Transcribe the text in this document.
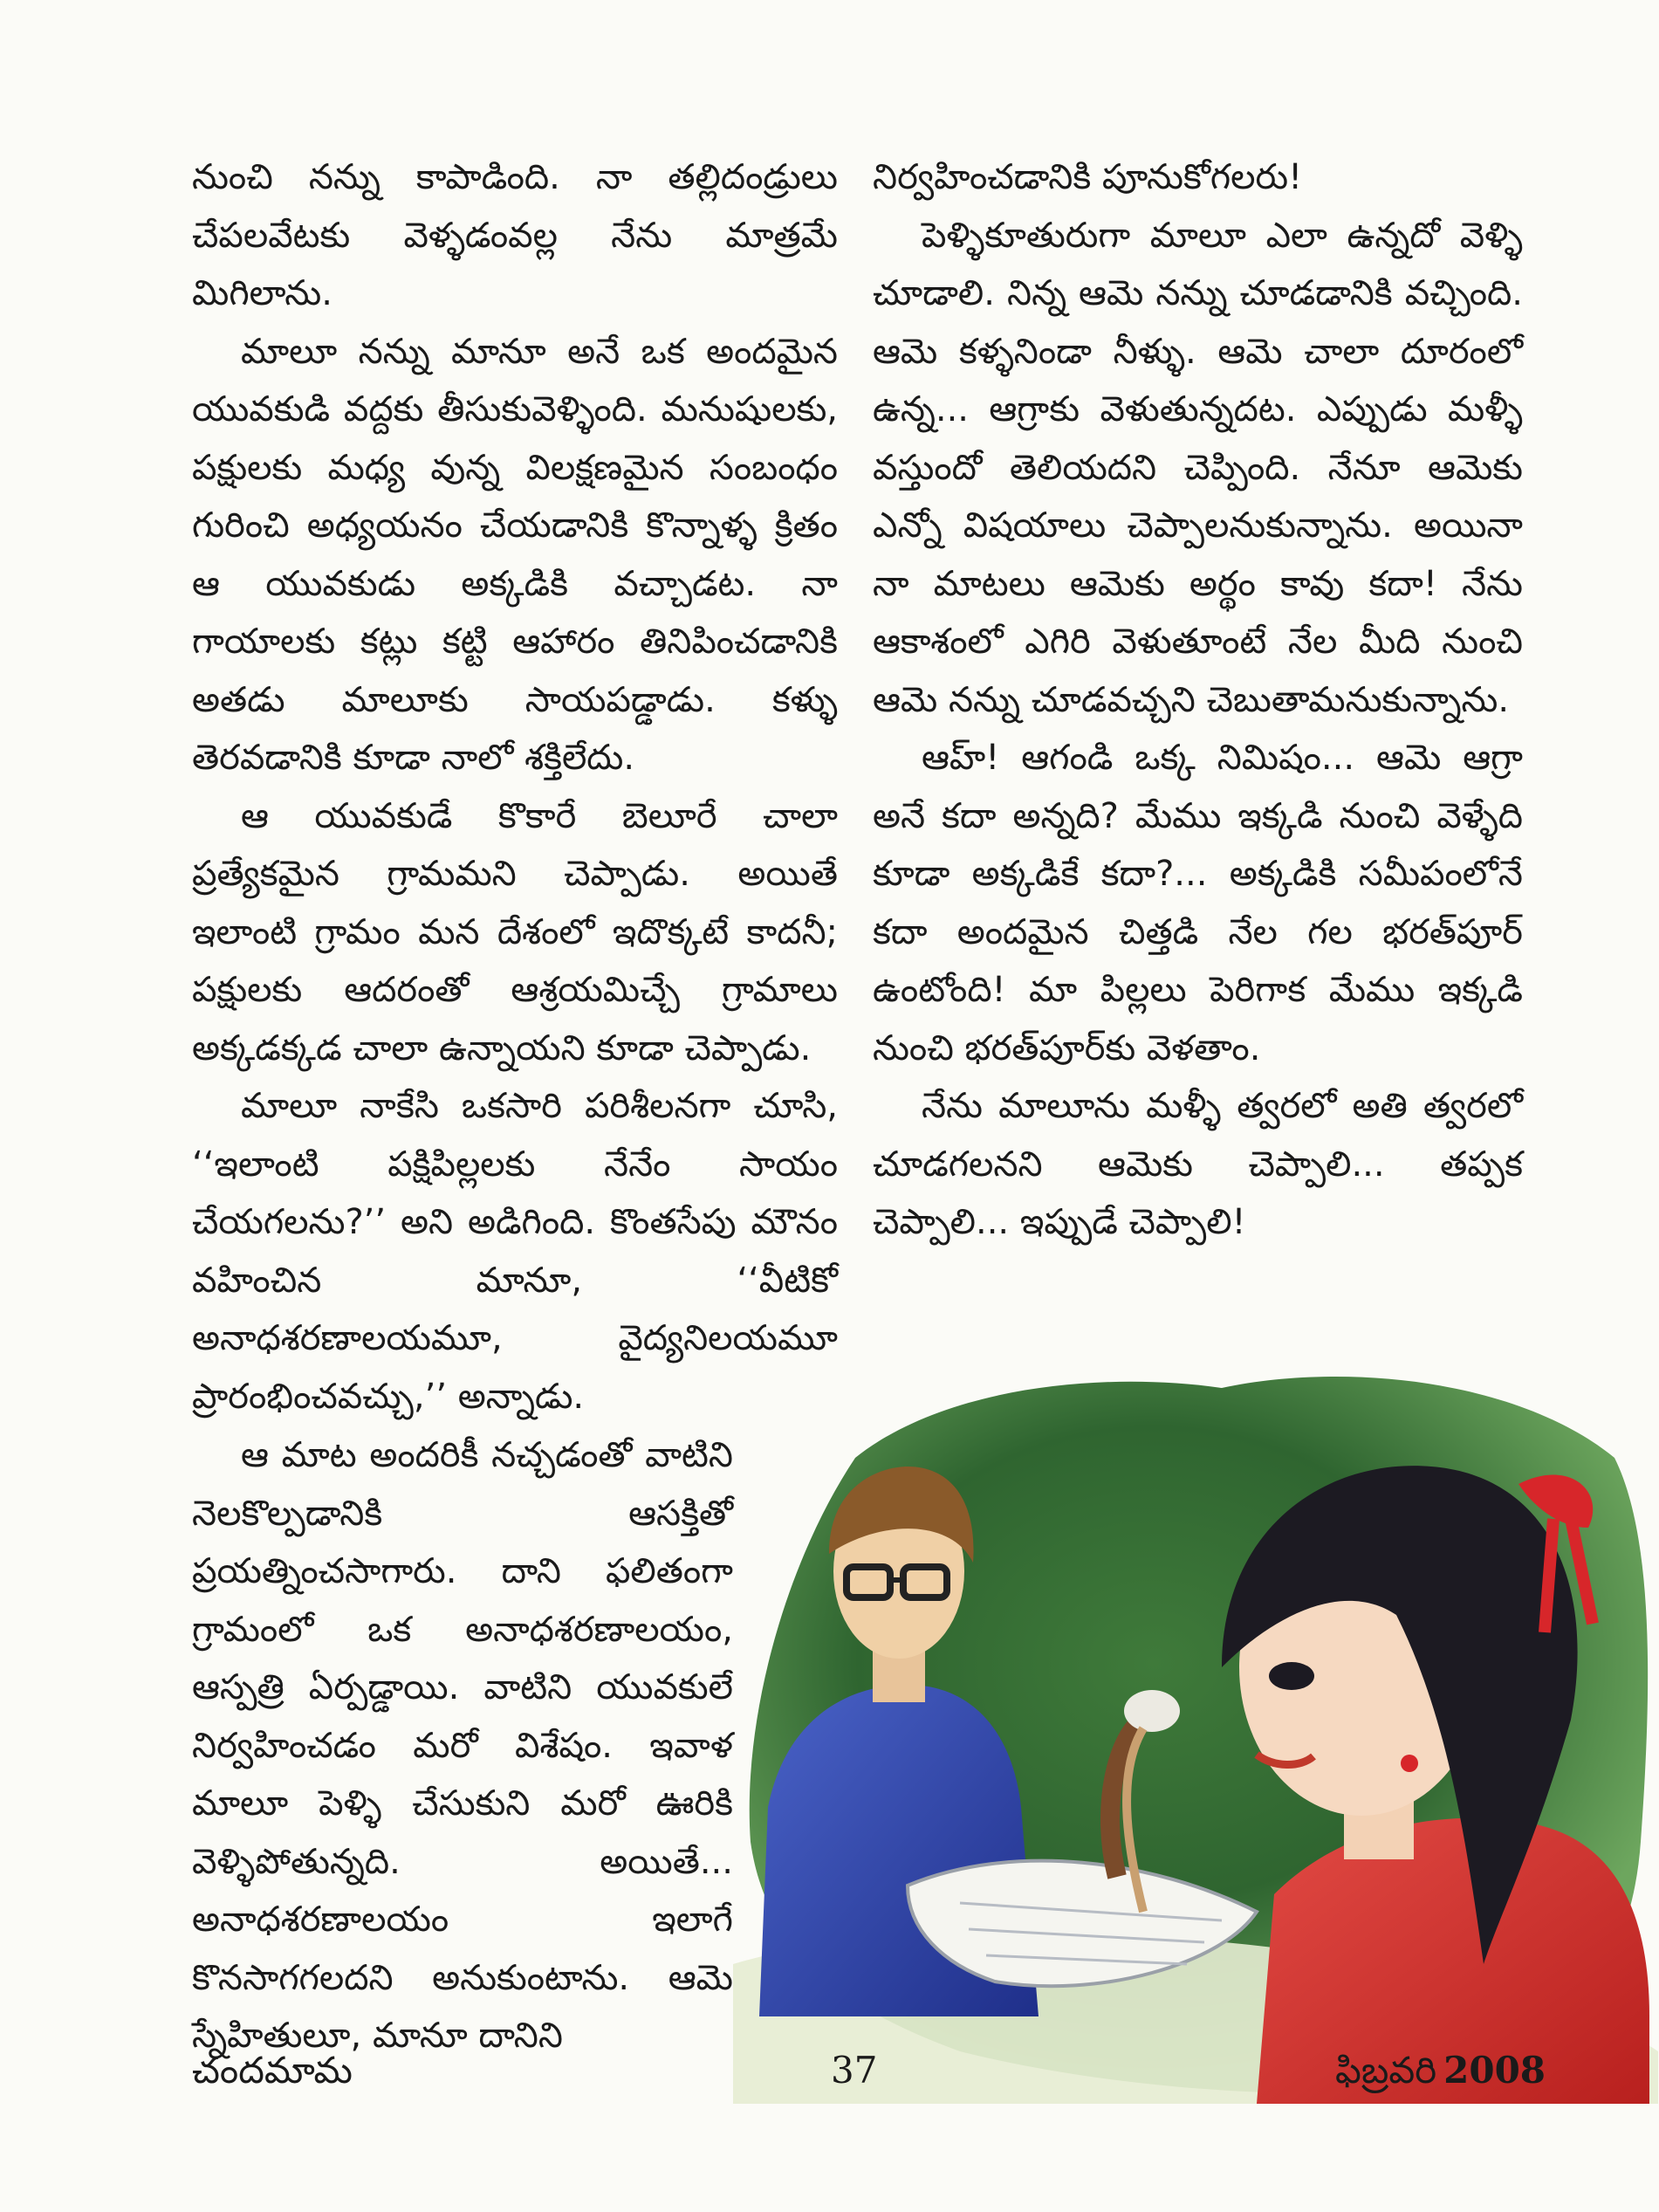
నుంచి నన్ను కాపాడింది. నా తల్లిదండ్రులు చేపలవేటకు వెళ్ళడంవల్ల నేను మాత్రమే మిగిలాను.

మాలూ నన్ను మానూ అనే ఒక అందమైన యువకుడి వద్దకు తీసుకువెళ్ళింది. మనుషులకు, పక్షులకు మధ్య వున్న విలక్షణమైన సంబంధం గురించి అధ్యయనం చేయడానికి కొన్నాళ్ళ క్రితం ఆ యువకుడు అక్కడికి వచ్చాడట. నా గాయాలకు కట్లు కట్టి ఆహారం తినిపించడానికి అతడు మాలూకు సాయపడ్డాడు. కళ్ళు తెరవడానికి కూడా నాలో శక్తిలేదు.

ఆ యువకుడే కొకారే బెలూరే చాలా ప్రత్యేకమైన గ్రామమని చెప్పాడు. అయితే ఇలాంటి గ్రామం మన దేశంలో ఇదొక్కటే కాదనీ; పక్షులకు ఆదరంతో ఆశ్రయమిచ్చే గ్రామాలు అక్కడక్కడ చాలా ఉన్నాయని కూడా చెప్పాడు.

మాలూ నాకేసి ఒకసారి పరిశీలనగా చూసి, ‘‘ఇలాంటి పక్షిపిల్లలకు నేనేం సాయం చేయగలను?’’ అని అడిగింది. కొంతసేపు మౌనం వహించిన మానూ, ‘‘వీటికో అనాధశరణాలయమూ, వైద్యనిలయమూ ప్రారంభించవచ్చు,’’ అన్నాడు.

ఆ మాట అందరికీ నచ్చడంతో వాటిని నెలకొల్పడానికి ఆసక్తితో ప్రయత్నించసాగారు. దాని ఫలితంగా గ్రామంలో ఒక అనాధశరణాలయం, ఆస్పత్రి ఏర్పడ్డాయి. వాటిని యువకులే నిర్వహించడం మరో విశేషం. ఇవాళ మాలూ పెళ్ళి చేసుకుని మరో ఊరికి వెళ్ళిపోతున్నది. అయితే... అనాధశరణాలయం ఇలాగే కొనసాగగలదని అనుకుంటాను. ఆమె స్నేహితులూ, మానూ దానిని

నిర్వహించడానికి పూనుకోగలరు!

పెళ్ళికూతురుగా మాలూ ఎలా ఉన్నదో వెళ్ళి చూడాలి. నిన్న ఆమె నన్ను చూడడానికి వచ్చింది. ఆమె కళ్ళనిండా నీళ్ళు. ఆమె చాలా దూరంలో ఉన్న... ఆగ్రాకు వెళుతున్నదట. ఎప్పుడు మళ్ళీ వస్తుందో తెలియదని చెప్పింది. నేనూ ఆమెకు ఎన్నో విషయాలు చెప్పాలనుకున్నాను. అయినా నా మాటలు ఆమెకు అర్థం కావు కదా! నేను ఆకాశంలో ఎగిరి వెళుతూంటే నేల మీది నుంచి ఆమె నన్ను చూడవచ్చని చెబుతామనుకున్నాను.

ఆహ్! ఆగండి ఒక్క నిమిషం... ఆమె ఆగ్రా అనే కదా అన్నది? మేము ఇక్కడి నుంచి వెళ్ళేది కూడా అక్కడికే కదా?... అక్కడికి సమీపంలోనే కదా అందమైన చిత్తడి నేల గల భరత్‌పూర్ ఉంటోంది! మా పిల్లలు పెరిగాక మేము ఇక్కడి నుంచి భరత్‌పూర్‌కు వెళతాం.

నేను మాలూను మళ్ళీ త్వరలో అతి త్వరలో చూడగలనని ఆమెకు చెప్పాలి... తప్పక చెప్పాలి... ఇప్పుడే చెప్పాలి!

చందమామ	37	ఫిబ్రవరి 2008
